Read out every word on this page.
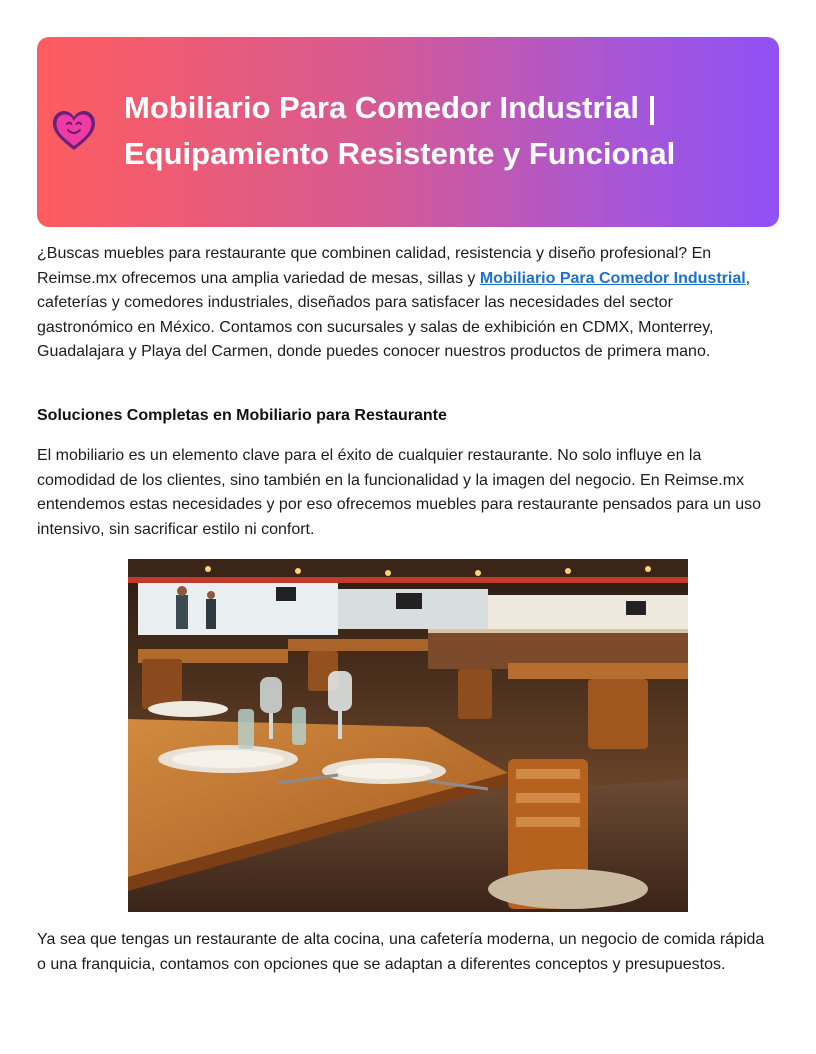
Mobiliario Para Comedor Industrial |
Equipamiento Resistente y Funcional

¿Buscas muebles para restaurante que combinen calidad, resistencia y diseño profesional? En Reimse.mx ofrecemos una amplia variedad de mesas, sillas y Mobiliario Para Comedor Industrial, cafeterías y comedores industriales, diseñados para satisfacer las necesidades del sector gastronómico en México. Contamos con sucursales y salas de exhibición en CDMX, Monterrey, Guadalajara y Playa del Carmen, donde puedes conocer nuestros productos de primera mano.

Soluciones Completas en Mobiliario para Restaurante

El mobiliario es un elemento clave para el éxito de cualquier restaurante. No solo influye en la comodidad de los clientes, sino también en la funcionalidad y la imagen del negocio. En Reimse.mx entendemos estas necesidades y por eso ofrecemos muebles para restaurante pensados para un uso intensivo, sin sacrificar estilo ni confort.

Ya sea que tengas un restaurante de alta cocina, una cafetería moderna, un negocio de comida rápida o una franquicia, contamos con opciones que se adaptan a diferentes conceptos y presupuestos.
